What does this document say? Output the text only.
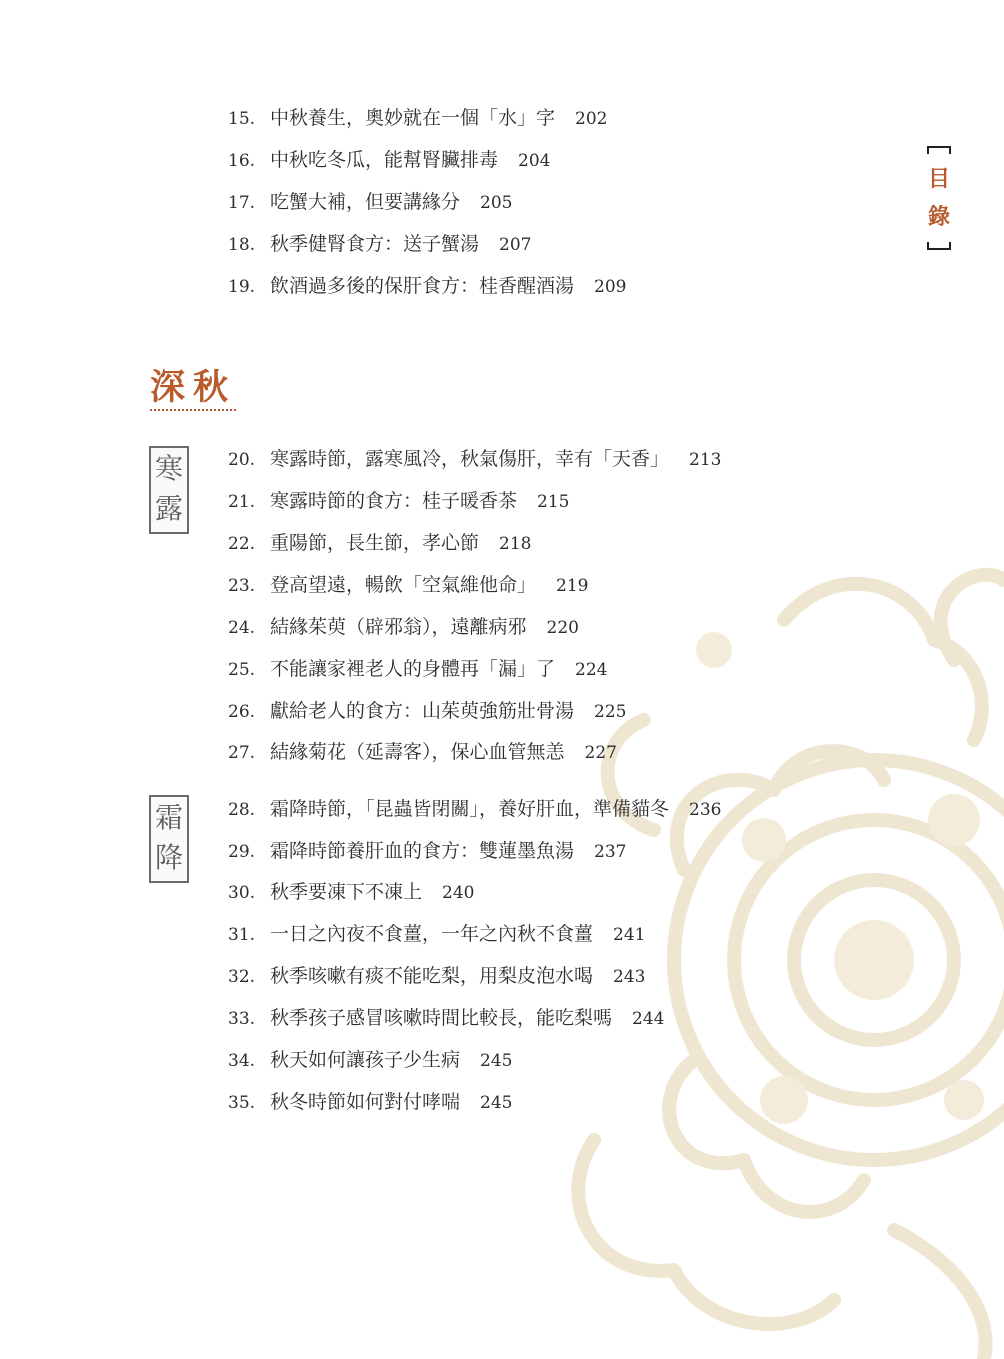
目
錄
深秋
寒
露
霜
降
15. 中秋養生，奧妙就在一個「水」字 202
16. 中秋吃冬瓜，能幫腎臟排毒 204
17. 吃蟹大補，但要講緣分 205
18. 秋季健腎食方：送子蟹湯 207
19. 飲酒過多後的保肝食方：桂香醒酒湯 209
20. 寒露時節，露寒風冷，秋氣傷肝，幸有「天香」 213
21. 寒露時節的食方：桂子暖香茶 215
22. 重陽節，長生節，孝心節 218
23. 登高望遠，暢飲「空氣維他命」 219
24. 結緣茱萸（辟邪翁），遠離病邪 220
25. 不能讓家裡老人的身體再「漏」了 224
26. 獻給老人的食方：山茱萸強筋壯骨湯 225
27. 結緣菊花（延壽客），保心血管無恙 227
28. 霜降時節，「昆蟲皆閉關」，養好肝血，準備貓冬 236
29. 霜降時節養肝血的食方：雙蓮墨魚湯 237
30. 秋季要凍下不凍上 240
31. 一日之內夜不食薑，一年之內秋不食薑 241
32. 秋季咳嗽有痰不能吃梨，用梨皮泡水喝 243
33. 秋季孩子感冒咳嗽時間比較長，能吃梨嗎 244
34. 秋天如何讓孩子少生病 245
35. 秋冬時節如何對付哮喘 245
